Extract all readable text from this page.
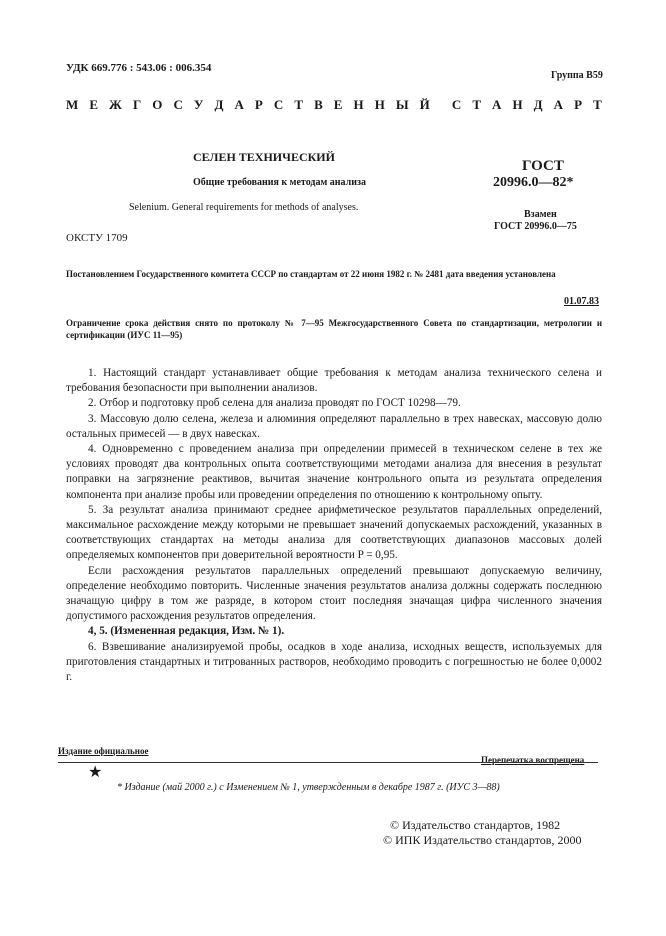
УДК 669.776 : 543.06 : 006.354
Группа В59
М Е Ж Г О С У Д А Р С Т В Е Н Н Ы Й С Т А Н Д А Р Т
СЕЛЕН ТЕХНИЧЕСКИЙ
Общие требования к методам анализа
Selenium. General requirements for methods of analyses.
ГОСТ
20996.0—82*
Взамен
ГОСТ 20996.0—75
ОКСТУ 1709
Постановлением Государственного комитета СССР по стандартам от 22 июня 1982 г. № 2481 дата введения установлена
01.07.83
Ограничение срока действия снято по протоколу № 7—95 Межгосударственного Совета по стандартизации, метрологии и сертификации (ИУС 11—95)

1. Настоящий стандарт устанавливает общие требования к методам анализа технического селена и требования безопасности при выполнении анализов.

2. Отбор и подготовку проб селена для анализа проводят по ГОСТ 10298—79.

3. Массовую долю селена, железа и алюминия определяют параллельно в трех навесках, массовую долю остальных примесей — в двух навесках.

4. Одновременно с проведением анализа при определении примесей в техническом селене в тех же условиях проводят два контрольных опыта соответствующими методами анализа для внесения в результат поправки на загрязнение реактивов, вычитая значение контрольного опыта из результата определения компонента при анализе пробы или проведении определения по отношению к контрольному опыту.

5. За результат анализа принимают среднее арифметическое результатов параллельных определений, максимальное расхождение между которыми не превышает значений допускаемых расхождений, указанных в соответствующих стандартах на методы анализа для соответствующих диапазонов массовых долей определяемых компонентов при доверительной вероятности P = 0,95.

Если расхождения результатов параллельных определений превышают допускаемую величину, определение необходимо повторить. Численные значения результатов анализа должны содержать последнюю значащую цифру в том же разряде, в котором стоит последняя значащая цифра численного значения допустимого расхождения результатов определения.

4, 5. (Измененная редакция, Изм. № 1).

6. Взвешивание анализируемой пробы, осадков в ходе анализа, исходных веществ, используемых для приготовления стандартных и титрованных растворов, необходимо проводить с погрешностью не более 0,0002 г.

Издание официальное
Перепечатка воспрещена
★
* Издание (май 2000 г.) с Изменением № 1, утвержденным в декабре 1987 г. (ИУС 3—88)
© Издательство стандартов, 1982
© ИПК Издательство стандартов, 2000
